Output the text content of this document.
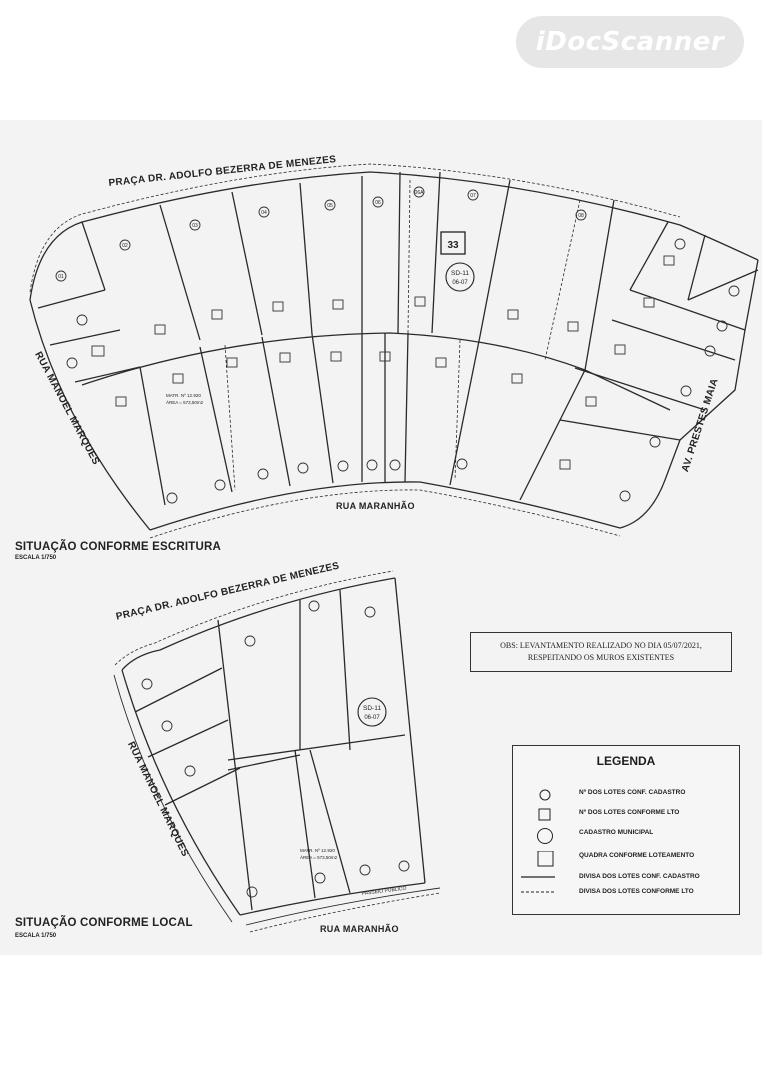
iDocScanner
33
SD-11
06-07
01
02
03
04
05	06
06A	07
08
MATR. Nº 12.920
ÁREA = 573,50m2
PRAÇA DR. ADOLFO BEZERRA DE MENEZES
RUA MANOEL MARQUES	AV. PRESTES MAIA
RUA MARANHÃO
SITUAÇÃO CONFORME ESCRITURA
ESCALA 1/750
SD-11
06-07
MATR. Nº 12.920
ÁREA = 573,50m2
PASSEIO PÚBLICO
PRAÇA DR. ADOLFO BEZERRA DE MENEZES
RUA MANOEL MARQUES
RUA MARANHÃO
SITUAÇÃO CONFORME LOCAL
ESCALA 1/750
OBS: LEVANTAMENTO REALIZADO NO DIA 05/07/2021,
RESPEITANDO OS MUROS EXISTENTES
LEGENDA
Nº DOS LOTES CONF. CADASTRO
Nº DOS LOTES CONFORME LTO
CADASTRO MUNICIPAL
QUADRA CONFORME LOTEAMENTO
DIVISA DOS LOTES CONF. CADASTRO
DIVISA DOS LOTES CONFORME LTO
